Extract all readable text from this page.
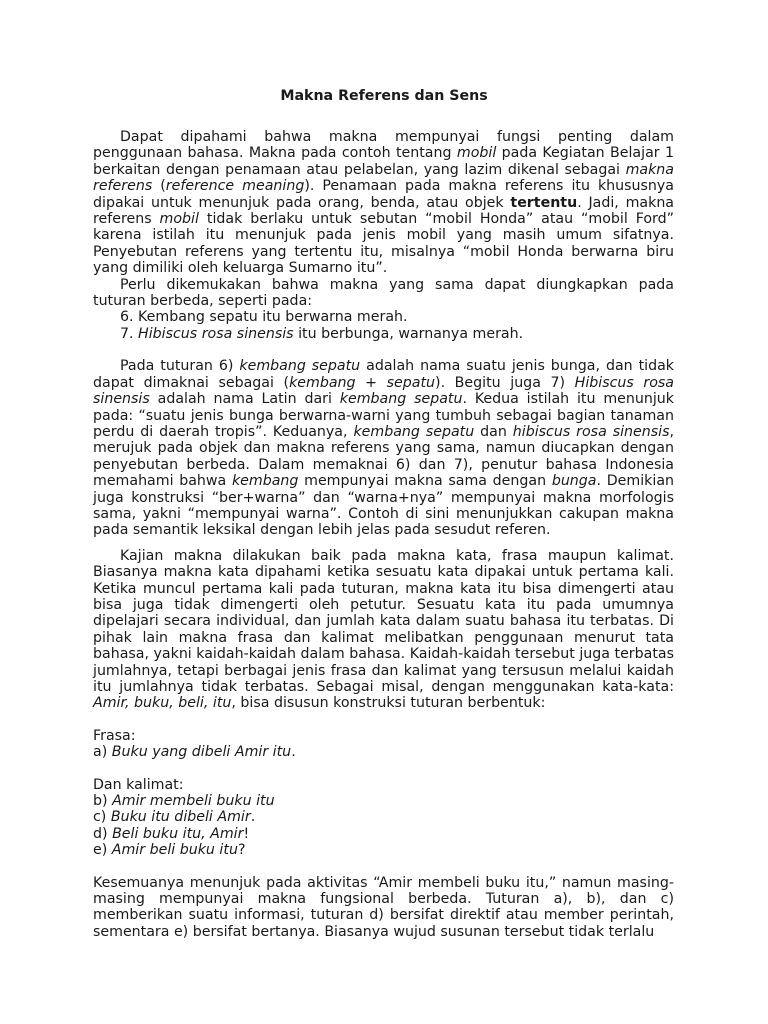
Makna Referens dan Sens

Dapat dipahami bahwa makna mempunyai fungsi penting dalam penggunaan bahasa. Makna pada contoh tentang mobil pada Kegiatan Belajar 1 berkaitan dengan penamaan atau pelabelan, yang lazim dikenal sebagai makna referens (reference meaning). Penamaan pada makna referens itu khususnya dipakai untuk menunjuk pada orang, benda, atau objek tertentu. Jadi, makna referens mobil tidak berlaku untuk sebutan “mobil Honda” atau “mobil Ford” karena istilah itu menunjuk pada jenis mobil yang masih umum sifatnya. Penyebutan referens yang tertentu itu, misalnya “mobil Honda berwarna biru yang dimiliki oleh keluarga Sumarno itu”.

Perlu dikemukakan bahwa makna yang sama dapat diungkapkan pada tuturan berbeda, seperti pada:

6. Kembang sepatu itu berwarna merah.

7. Hibiscus rosa sinensis itu berbunga, warnanya merah.

Pada tuturan 6) kembang sepatu adalah nama suatu jenis bunga, dan tidak dapat dimaknai sebagai (kembang + sepatu). Begitu juga 7) Hibiscus rosa sinensis adalah nama Latin dari kembang sepatu. Kedua istilah itu menunjuk pada: “suatu jenis bunga berwarna-warni yang tumbuh sebagai bagian tanaman perdu di daerah tropis”. Keduanya, kembang sepatu dan hibiscus rosa sinensis, merujuk pada objek dan makna referens yang sama, namun diucapkan dengan penyebutan berbeda. Dalam memaknai 6) dan 7), penutur bahasa Indonesia memahami bahwa kembang mempunyai makna sama dengan bunga. Demikian juga konstruksi “ber+warna” dan “warna+nya” mempunyai makna morfologis sama, yakni “mempunyai warna”. Contoh di sini menunjukkan cakupan makna pada semantik leksikal dengan lebih jelas pada sesudut referen.

Kajian makna dilakukan baik pada makna kata, frasa maupun kalimat. Biasanya makna kata dipahami ketika sesuatu kata dipakai untuk pertama kali. Ketika muncul pertama kali pada tuturan, makna kata itu bisa dimengerti atau bisa juga tidak dimengerti oleh petutur. Sesuatu kata itu pada umumnya dipelajari secara individual, dan jumlah kata dalam suatu bahasa itu terbatas. Di pihak lain makna frasa dan kalimat melibatkan penggunaan menurut tata bahasa, yakni kaidah-kaidah dalam bahasa. Kaidah-kaidah tersebut juga terbatas jumlahnya, tetapi berbagai jenis frasa dan kalimat yang tersusun melalui kaidah itu jumlahnya tidak terbatas. Sebagai misal, dengan menggunakan kata-kata: Amir, buku, beli, itu, bisa disusun konstruksi tuturan berbentuk:

Frasa:

a) Buku yang dibeli Amir itu.

Dan kalimat:

b) Amir membeli buku itu

c) Buku itu dibeli Amir.

d) Beli buku itu, Amir!

e) Amir beli buku itu?

Kesemuanya menunjuk pada aktivitas “Amir membeli buku itu,” namun masing-masing mempunyai makna fungsional berbeda. Tuturan a), b), dan c) memberikan suatu informasi, tuturan d) bersifat direktif atau member perintah, sementara e) bersifat bertanya. Biasanya wujud susunan tersebut tidak terlalu
